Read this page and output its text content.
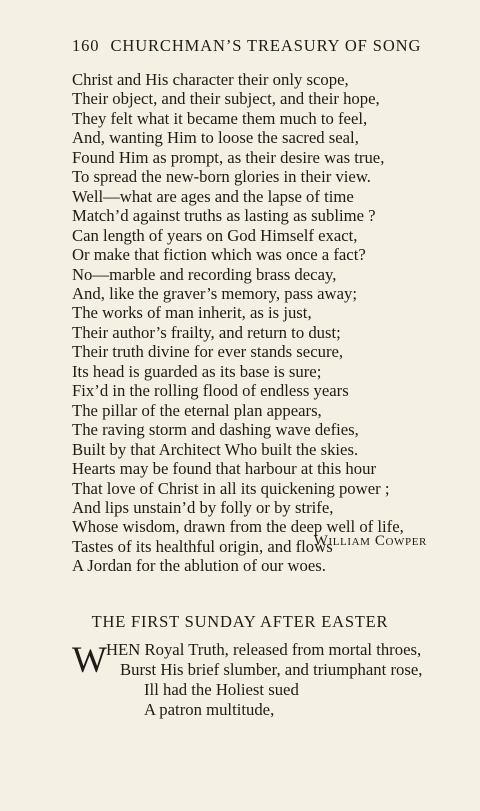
160 CHURCHMAN’S TREASURY OF SONG
Christ and His character their only scope,
Their object, and their subject, and their hope,
They felt what it became them much to feel,
And, wanting Him to loose the sacred seal,
Found Him as prompt, as their desire was true,
To spread the new-born glories in their view.
Well—what are ages and the lapse of time
Match’d against truths as lasting as sublime ?
Can length of years on God Himself exact,
Or make that fiction which was once a fact?
No—marble and recording brass decay,
And, like the graver’s memory, pass away;
The works of man inherit, as is just,
Their author’s frailty, and return to dust;
Their truth divine for ever stands secure,
Its head is guarded as its base is sure;
Fix’d in the rolling flood of endless years
The pillar of the eternal plan appears,
The raving storm and dashing wave defies,
Built by that Architect Who built the skies.
Hearts may be found that harbour at this hour
That love of Christ in all its quickening power ;
And lips unstain’d by folly or by strife,
Whose wisdom, drawn from the deep well of life,
Tastes of its healthful origin, and flows
A Jordan for the ablution of our woes.
William Cowper
THE FIRST SUNDAY AFTER EASTER
W HEN Royal Truth, released from mortal throes,
Burst His brief slumber, and triumphant rose,
Ill had the Holiest sued
A patron multitude,
